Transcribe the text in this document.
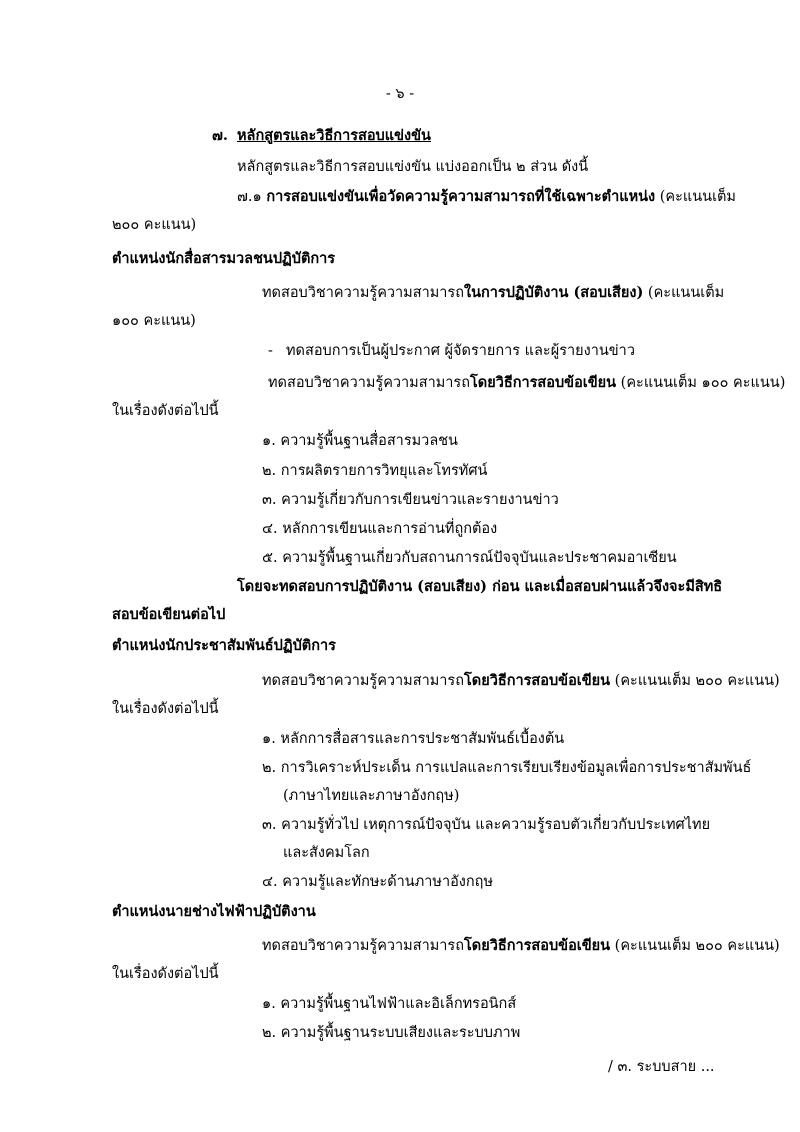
- ๖ -
๗. หลักสูตรและวิธีการสอบแข่งขัน
หลักสูตรและวิธีการสอบแข่งขัน แบ่งออกเป็น ๒ ส่วน ดังนี้
๗.๑ การสอบแข่งขันเพื่อวัดความรู้ความสามารถที่ใช้เฉพาะตำแหน่ง (คะแนนเต็ม
๒๐๐ คะแนน)
ตำแหน่งนักสื่อสารมวลชนปฏิบัติการ
ทดสอบวิชาความรู้ความสามารถในการปฏิบัติงาน (สอบเสียง) (คะแนนเต็ม
๑๐๐ คะแนน)
- ทดสอบการเป็นผู้ประกาศ ผู้จัดรายการ และผู้รายงานข่าว
ทดสอบวิชาความรู้ความสามารถโดยวิธีการสอบข้อเขียน (คะแนนเต็ม ๑๐๐ คะแนน)
ในเรื่องดังต่อไปนี้
๑. ความรู้พื้นฐานสื่อสารมวลชน
๒. การผลิตรายการวิทยุและโทรทัศน์
๓. ความรู้เกี่ยวกับการเขียนข่าวและรายงานข่าว
๔. หลักการเขียนและการอ่านที่ถูกต้อง
๕. ความรู้พื้นฐานเกี่ยวกับสถานการณ์ปัจจุบันและประชาคมอาเซียน
โดยจะทดสอบการปฏิบัติงาน (สอบเสียง) ก่อน และเมื่อสอบผ่านแล้วจึงจะมีสิทธิ
สอบข้อเขียนต่อไป
ตำแหน่งนักประชาสัมพันธ์ปฏิบัติการ
ทดสอบวิชาความรู้ความสามารถโดยวิธีการสอบข้อเขียน (คะแนนเต็ม ๒๐๐ คะแนน)
ในเรื่องดังต่อไปนี้
๑. หลักการสื่อสารและการประชาสัมพันธ์เบื้องต้น
๒. การวิเคราะห์ประเด็น การแปลและการเรียบเรียงข้อมูลเพื่อการประชาสัมพันธ์
(ภาษาไทยและภาษาอังกฤษ)
๓. ความรู้ทั่วไป เหตุการณ์ปัจจุบัน และความรู้รอบตัวเกี่ยวกับประเทศไทย
และสังคมโลก
๔. ความรู้และทักษะด้านภาษาอังกฤษ
ตำแหน่งนายช่างไฟฟ้าปฏิบัติงาน
ทดสอบวิชาความรู้ความสามารถโดยวิธีการสอบข้อเขียน (คะแนนเต็ม ๒๐๐ คะแนน)
ในเรื่องดังต่อไปนี้
๑. ความรู้พื้นฐานไฟฟ้าและอิเล็กทรอนิกส์
๒. ความรู้พื้นฐานระบบเสียงและระบบภาพ
/ ๓. ระบบสาย ...
